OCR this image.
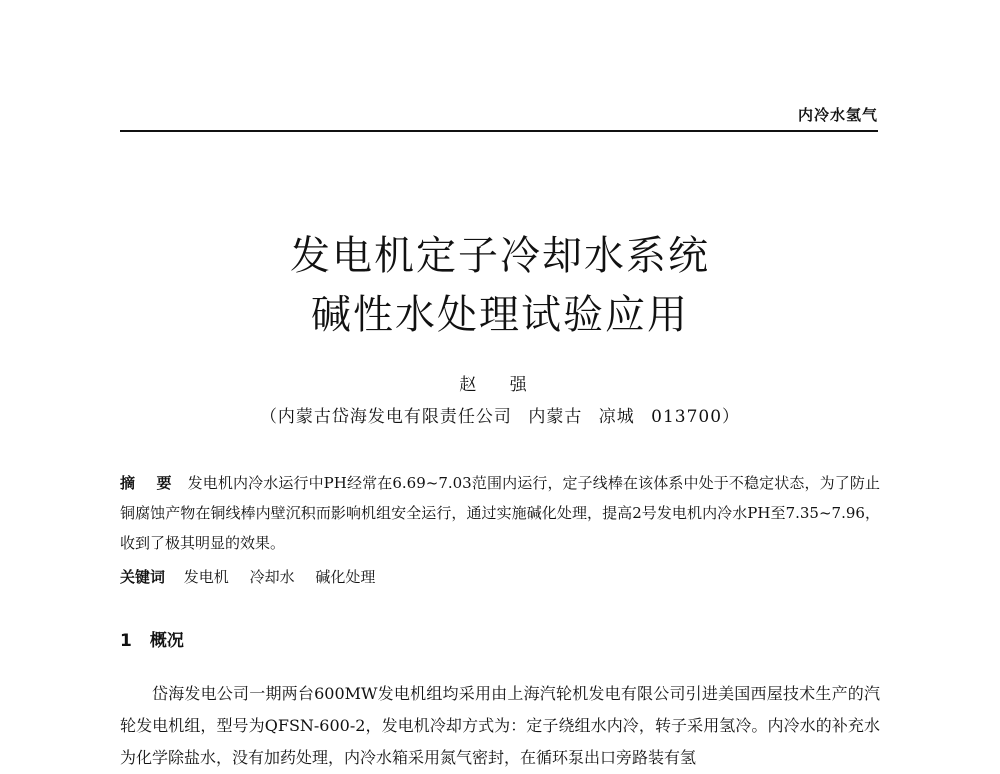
内冷水氢气
发电机定子冷却水系统
碱性水处理试验应用
赵 强
（内蒙古岱海发电有限责任公司 内蒙古 凉城 013700）
摘 要 发电机内冷水运行中PH经常在6.69~7.03范围内运行，定子线棒在该体系中处于不稳定状态，为了防止铜腐蚀产物在铜线棒内壁沉积而影响机组安全运行，通过实施碱化处理，提高2号发电机内冷水PH至7.35~7.96，收到了极其明显的效果。
关键词 发电机 冷却水 碱化处理
1 概况
岱海发电公司一期两台600MW发电机组均采用由上海汽轮机发电有限公司引进美国西屋技术生产的汽轮发电机组，型号为QFSN-600-2，发电机冷却方式为：定子绕组水内冷，转子采用氢冷。内冷水的补充水为化学除盐水，没有加药处理，内冷水箱采用氮气密封，在循环泵出口旁路装有氢
